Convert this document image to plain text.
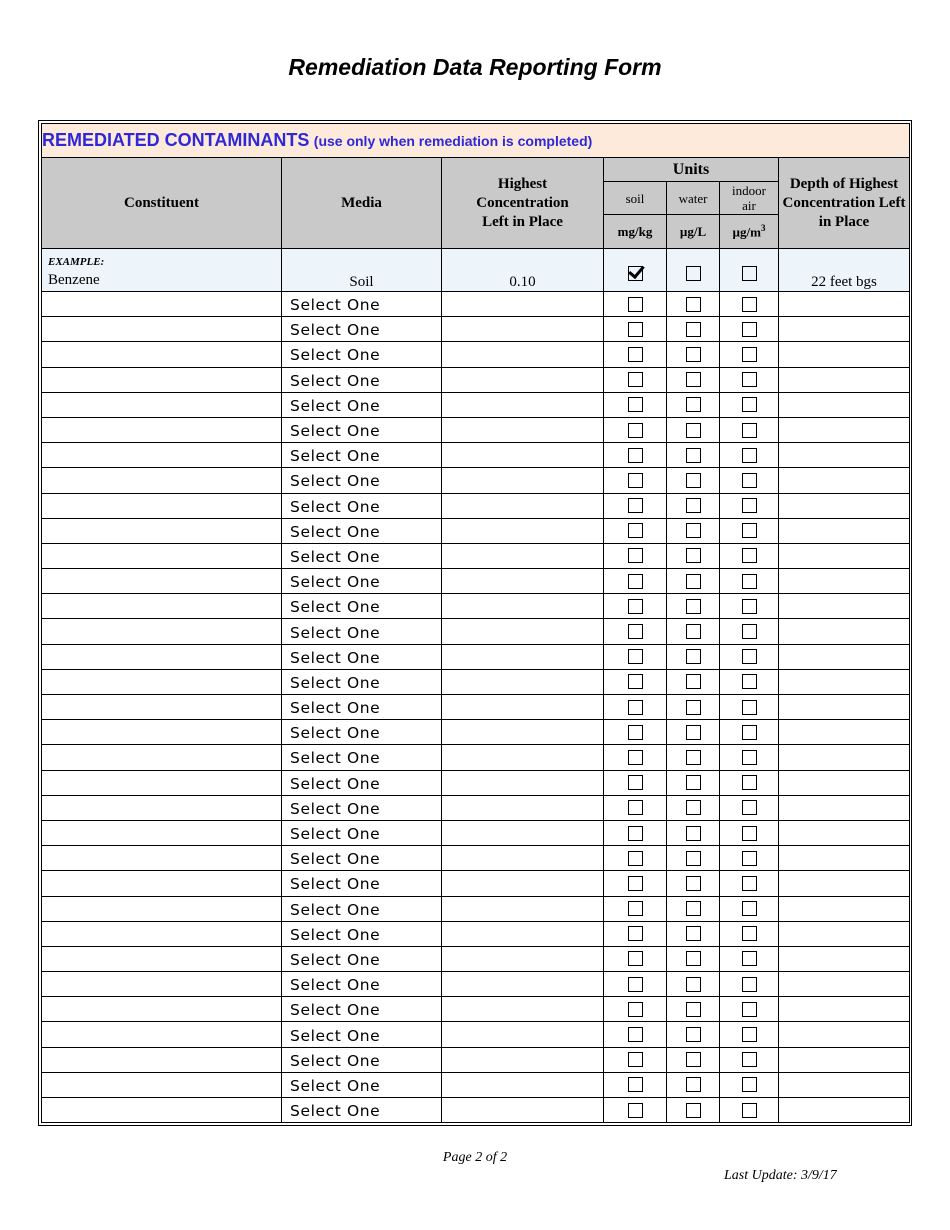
Remediation Data Reporting Form
REMEDIATED CONTAMINANTS (use only when remediation is completed)						
Constituent	Media	Highest Concentration Left in Place	Units			Depth of Highest Concentration Left in Place
			soil	water	indoor air	
			mg/kg	µg/L	$\mu g/m^3$

EXAMPLE:
Benzene	Soil	0.10				22 feet bgs
	Select One		

	Select One		

	Select One		

	Select One		

	Select One		

	Select One		

	Select One		

	Select One		

	Select One		

	Select One		

	Select One		

	Select One		

	Select One		

	Select One		

	Select One		

	Select One		

	Select One		

	Select One		

	Select One		

	Select One		

	Select One		

	Select One		

	Select One		

	Select One		

	Select One		

	Select One		

	Select One		

	Select One		

	Select One		

	Select One		

	Select One		

	Select One		

	Select One		

Page 2 of 2
Last Update: 3/9/17
